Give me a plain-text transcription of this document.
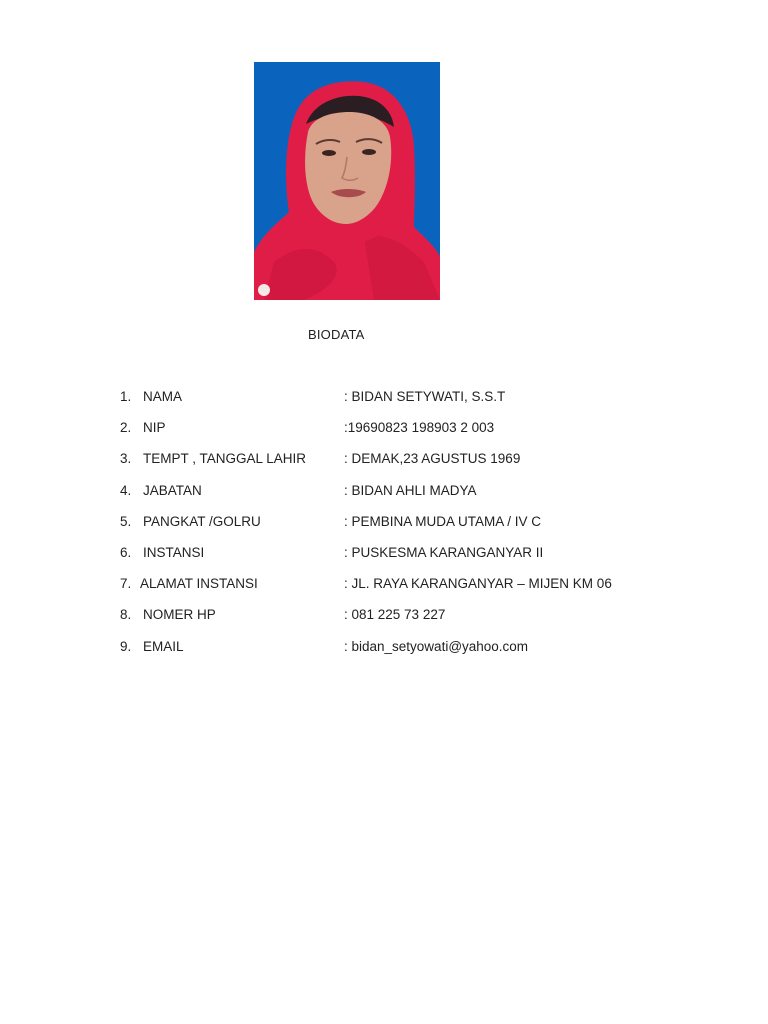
BIODATA
1. NAMA	: BIDAN SETYWATI, S.S.T
2. NIP	:19690823 198903 2 003
3. TEMPT , TANGGAL LAHIR	: DEMAK,23 AGUSTUS 1969
4. JABATAN	: BIDAN AHLI MADYA
5. PANGKAT /GOLRU	: PEMBINA MUDA UTAMA / IV C
6. INSTANSI	: PUSKESMA KARANGANYAR II
7. ALAMAT INSTANSI	: JL. RAYA KARANGANYAR – MIJEN KM 06
8. NOMER HP	: 081 225 73 227
9. EMAIL	: bidan_setyowati@yahoo.com
